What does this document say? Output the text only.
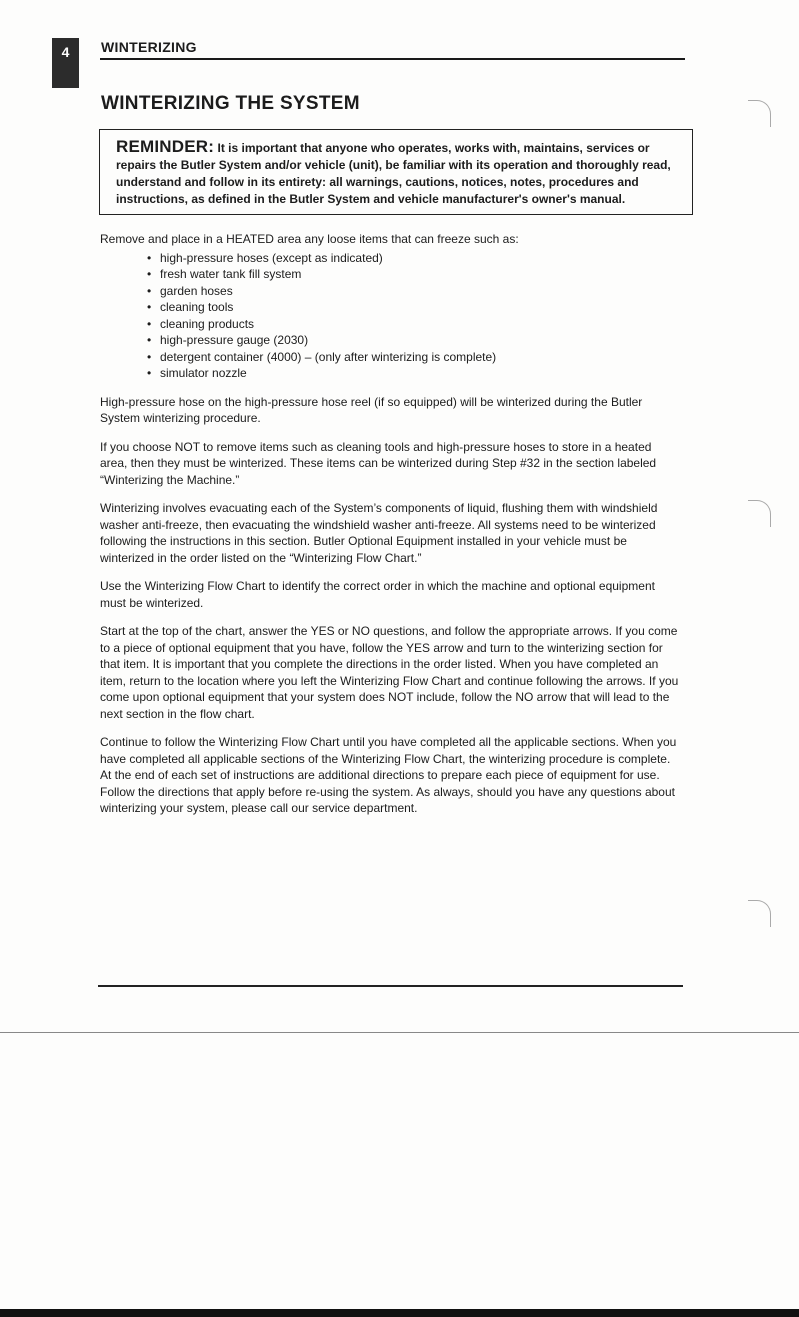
4	WINTERIZING
WINTERIZING THE SYSTEM
REMINDER: It is important that anyone who operates, works with, maintains, services or repairs the Butler System and/or vehicle (unit), be familiar with its operation and thoroughly read, understand and follow in its entirety: all warnings, cautions, notices, notes, procedures and instructions, as defined in the Butler System and vehicle manufacturer's owner's manual.

Remove and place in a HEATED area any loose items that can freeze such as:

• high-pressure hoses (except as indicated)
• fresh water tank fill system
• garden hoses
• cleaning tools
• cleaning products
• high-pressure gauge (2030)
• detergent container (4000) – (only after winterizing is complete)
• simulator nozzle

High-pressure hose on the high-pressure hose reel (if so equipped) will be winterized during the Butler System winterizing procedure.

If you choose NOT to remove items such as cleaning tools and high-pressure hoses to store in a heated area, then they must be winterized. These items can be winterized during Step #32 in the section labeled “Winterizing the Machine.”

Winterizing involves evacuating each of the System’s components of liquid, flushing them with windshield washer anti-freeze, then evacuating the windshield washer anti-freeze. All systems need to be winterized following the instructions in this section. Butler Optional Equipment installed in your vehicle must be winterized in the order listed on the “Winterizing Flow Chart.”

Use the Winterizing Flow Chart to identify the correct order in which the machine and optional equipment must be winterized.

Start at the top of the chart, answer the YES or NO questions, and follow the appropriate arrows. If you come to a piece of optional equipment that you have, follow the YES arrow and turn to the winterizing section for that item. It is important that you complete the directions in the order listed. When you have completed an item, return to the location where you left the Winterizing Flow Chart and continue following the arrows. If you come upon optional equipment that your system does NOT include, follow the NO arrow that will lead to the next section in the flow chart.

Continue to follow the Winterizing Flow Chart until you have completed all the applicable sections. When you have completed all applicable sections of the Winterizing Flow Chart, the winterizing procedure is complete. At the end of each set of instructions are additional directions to prepare each piece of equipment for use. Follow the directions that apply before re-using the system. As always, should you have any questions about winterizing your system, please call our service department.
